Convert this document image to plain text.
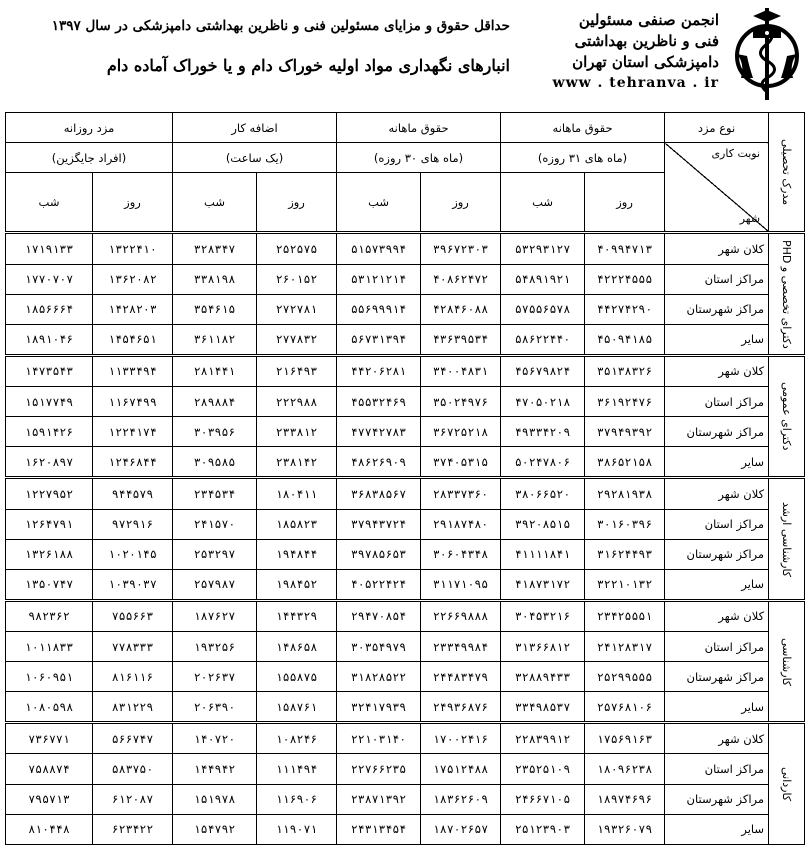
انجمن صنفی مسئولین
فنی و ناظرین بهداشتی
دامپزشکی استان تهران
www . tehranva . ir
حداقل حقوق و مزایای مسئولین فنی و ناظرین بهداشتی دامپزشکی در سال ۱۳۹۷
انبارهای نگهداری مواد اولیه خوراک دام و یا خوراک آماده دام
مدرک تحصیلی	نوع مزد	حقوق ماهانه		حقوق ماهانه		اضافه کار		مزد روزانه	

	نوبت کاری
شهر	(ماه های ۳۱ روزه)		(ماه های ۳۰ روزه)		(یک ساعت)		(افراد جایگزین)	
		روز	شب	روز	شب	روز	شب	روز	شب
دکترای تخصصی و PHD	کلان شهر	۴۰۹۹۴۷۱۳	۵۳۲۹۳۱۲۷	۳۹۶۷۲۳۰۳	۵۱۵۷۳۹۹۴	۲۵۲۵۷۵	۳۲۸۳۴۷	۱۳۲۲۴۱۰	۱۷۱۹۱۳۳
	مراکز استان	۴۲۲۲۴۵۵۵	۵۴۸۹۱۹۲۱	۴۰۸۶۲۴۷۲	۵۳۱۲۱۲۱۴	۲۶۰۱۵۲	۳۳۸۱۹۸	۱۳۶۲۰۸۲	۱۷۷۰۷۰۷
	مراکز شهرستان	۴۴۲۷۴۲۹۰	۵۷۵۵۶۵۷۸	۴۲۸۴۶۰۸۸	۵۵۶۹۹۹۱۴	۲۷۲۷۸۱	۳۵۴۶۱۵	۱۴۲۸۲۰۳	۱۸۵۶۶۶۴
	سایر	۴۵۰۹۴۱۸۵	۵۸۶۲۲۴۴۰	۴۳۶۳۹۵۳۴	۵۶۷۳۱۳۹۴	۲۷۷۸۳۲	۳۶۱۱۸۲	۱۴۵۴۶۵۱	۱۸۹۱۰۴۶
دکترای عمومی	کلان شهر	۳۵۱۳۸۳۲۶	۴۵۶۷۹۸۲۴	۳۴۰۰۴۸۳۱	۴۴۲۰۶۲۸۱	۲۱۶۴۹۳	۲۸۱۴۴۱	۱۱۳۳۴۹۴	۱۴۷۳۵۴۳
	مراکز استان	۳۶۱۹۲۴۷۶	۴۷۰۵۰۲۱۸	۳۵۰۲۴۹۷۶	۴۵۵۳۲۴۶۹	۲۲۲۹۸۸	۲۸۹۸۸۴	۱۱۶۷۴۹۹	۱۵۱۷۷۴۹
	مراکز شهرستان	۳۷۹۴۹۳۹۲	۴۹۳۳۴۲۰۹	۳۶۷۲۵۲۱۸	۴۷۷۴۲۷۸۳	۲۳۳۸۱۲	۳۰۳۹۵۶	۱۲۲۴۱۷۴	۱۵۹۱۴۲۶
	سایر	۳۸۶۵۲۱۵۸	۵۰۲۴۷۸۰۶	۳۷۴۰۵۳۱۵	۴۸۶۲۶۹۰۹	۲۳۸۱۴۲	۳۰۹۵۸۵	۱۲۴۶۸۴۴	۱۶۲۰۸۹۷
کارشناسی ارشد	کلان شهر	۲۹۲۸۱۹۳۸	۳۸۰۶۶۵۲۰	۲۸۳۳۷۳۶۰	۳۶۸۳۸۵۶۷	۱۸۰۴۱۱	۲۳۴۵۳۴	۹۴۴۵۷۹	۱۲۲۷۹۵۲
	مراکز استان	۳۰۱۶۰۳۹۶	۳۹۲۰۸۵۱۵	۲۹۱۸۷۴۸۰	۳۷۹۴۳۷۲۴	۱۸۵۸۲۳	۲۴۱۵۷۰	۹۷۲۹۱۶	۱۲۶۴۷۹۱
	مراکز شهرستان	۳۱۶۲۴۴۹۳	۴۱۱۱۱۸۴۱	۳۰۶۰۴۳۴۸	۳۹۷۸۵۶۵۳	۱۹۴۸۴۴	۲۵۳۲۹۷	۱۰۲۰۱۴۵	۱۳۲۶۱۸۸
	سایر	۳۲۲۱۰۱۳۲	۴۱۸۷۳۱۷۲	۳۱۱۷۱۰۹۵	۴۰۵۲۲۴۲۴	۱۹۸۴۵۲	۲۵۷۹۸۷	۱۰۳۹۰۳۷	۱۳۵۰۷۴۷
کارشناسی	کلان شهر	۲۳۴۲۵۵۵۱	۳۰۴۵۳۲۱۶	۲۲۶۶۹۸۸۸	۲۹۴۷۰۸۵۴	۱۴۴۳۲۹	۱۸۷۶۲۷	۷۵۵۶۶۳	۹۸۲۳۶۲
	مراکز استان	۲۴۱۲۸۳۱۷	۳۱۳۶۶۸۱۲	۲۳۳۴۹۹۸۴	۳۰۳۵۴۹۷۹	۱۴۸۶۵۸	۱۹۳۲۵۶	۷۷۸۳۳۳	۱۰۱۱۸۳۳
	مراکز شهرستان	۲۵۲۹۹۵۵۵	۳۲۸۸۹۴۳۳	۲۴۴۸۳۴۷۹	۳۱۸۲۸۵۲۲	۱۵۵۸۷۵	۲۰۲۶۳۷	۸۱۶۱۱۶	۱۰۶۰۹۵۱
	سایر	۲۵۷۶۸۱۰۶	۳۳۴۹۸۵۳۷	۲۴۹۳۶۸۷۶	۳۲۴۱۷۹۳۹	۱۵۸۷۶۱	۲۰۶۳۹۰	۸۳۱۲۲۹	۱۰۸۰۵۹۸
کاردانی	کلان شهر	۱۷۵۶۹۱۶۳	۲۲۸۳۹۹۱۲	۱۷۰۰۲۴۱۶	۲۲۱۰۳۱۴۰	۱۰۸۲۴۶	۱۴۰۷۲۰	۵۶۶۷۴۷	۷۳۶۷۷۱
	مراکز استان	۱۸۰۹۶۲۳۸	۲۳۵۲۵۱۰۹	۱۷۵۱۲۴۸۸	۲۲۷۶۶۲۳۵	۱۱۱۴۹۴	۱۴۴۹۴۲	۵۸۳۷۵۰	۷۵۸۸۷۴
	مراکز شهرستان	۱۸۹۷۴۶۹۶	۲۴۶۶۷۱۰۵	۱۸۳۶۲۶۰۹	۲۳۸۷۱۳۹۲	۱۱۶۹۰۶	۱۵۱۹۷۸	۶۱۲۰۸۷	۷۹۵۷۱۳
	سایر	۱۹۳۲۶۰۷۹	۲۵۱۲۳۹۰۳	۱۸۷۰۲۶۵۷	۲۴۳۱۳۴۵۴	۱۱۹۰۷۱	۱۵۴۷۹۲	۶۲۳۴۲۲	۸۱۰۴۴۸
